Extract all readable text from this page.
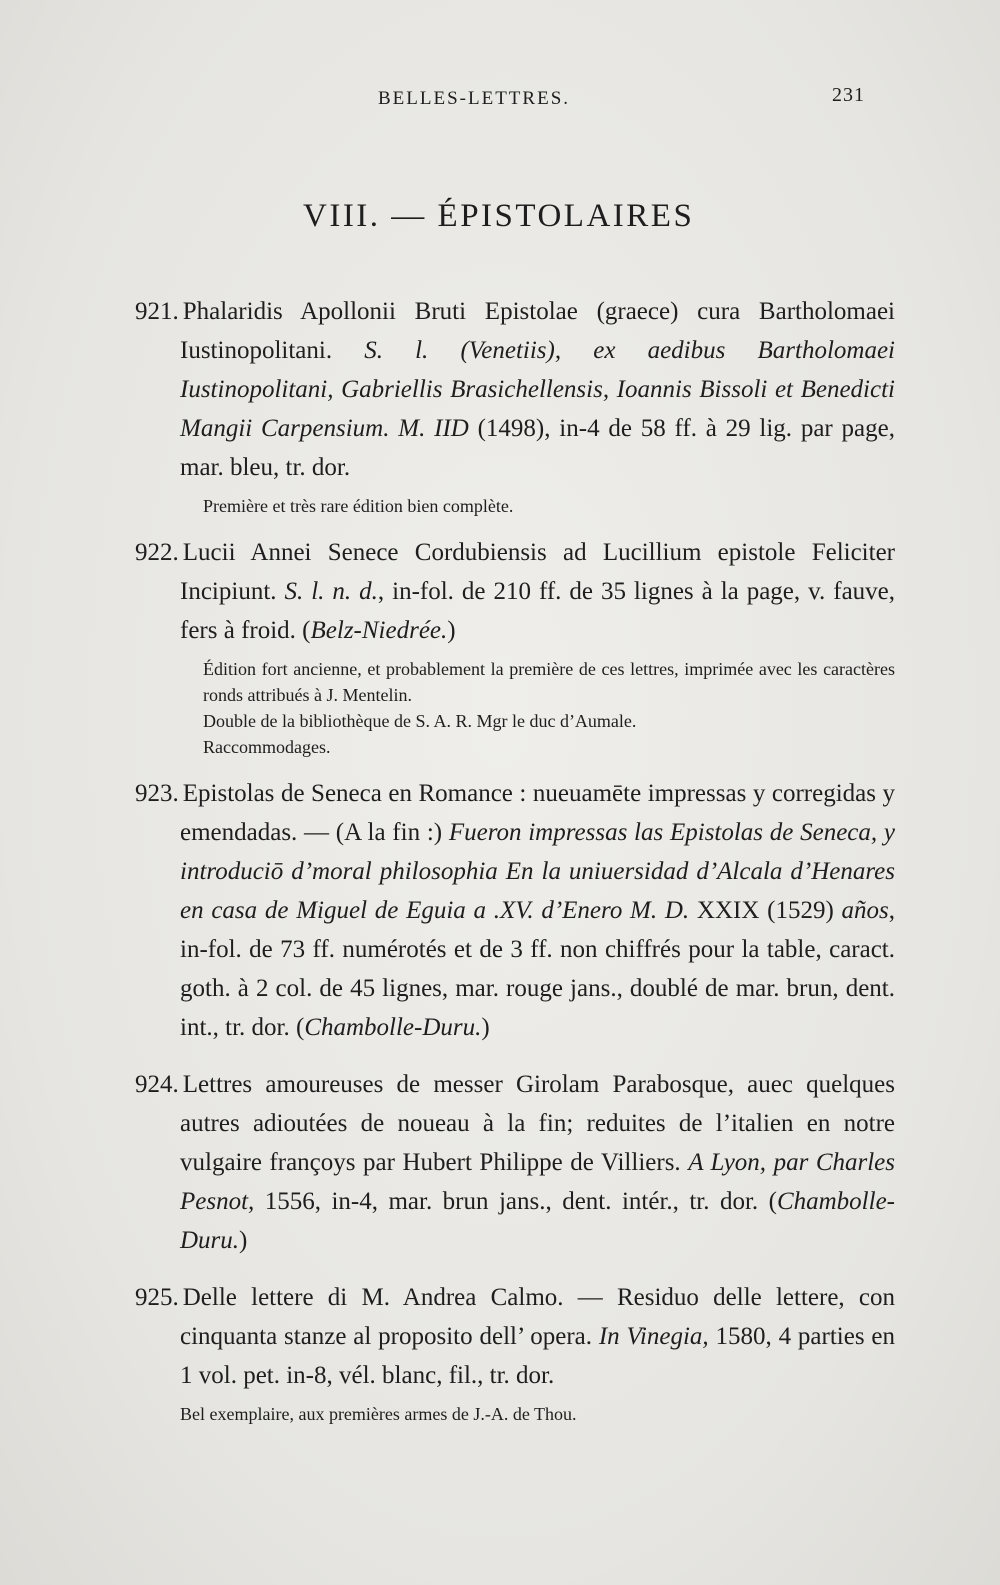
BELLES-LETTRES.	231
VIII. — ÉPISTOLAIRES
921. Phalaridis Apollonii Bruti Epistolae (graece) cura Bartholomaei Iustinopolitani. S. l. (Venetiis), ex aedibus Bartholomaei Iustinopolitani, Gabriellis Brasichellensis, Ioannis Bissoli et Benedicti Mangii Carpensium. M. IID (1498), in-4 de 58 ff. à 29 lig. par page, mar. bleu, tr. dor.
Première et très rare édition bien complète.
922. Lucii Annei Senece Cordubiensis ad Lucillium epistole Feliciter Incipiunt. S. l. n. d., in-fol. de 210 ff. de 35 lignes à la page, v. fauve, fers à froid. (Belz-Niedrée.)
Édition fort ancienne, et probablement la première de ces lettres, imprimée avec les caractères ronds attribués à J. Mentelin.
Double de la bibliothèque de S. A. R. Mgr le duc d’Aumale.
Raccommodages.
923. Epistolas de Seneca en Romance : nueuamēte impressas y corregidas y emendadas. — (A la fin :) Fueron impressas las Epistolas de Seneca, y introduciō d’moral philosophia En la uniuersidad d’Alcala d’Henares en casa de Miguel de Eguia a .XV. d’Enero M. D. XXIX (1529) años, in-fol. de 73 ff. numérotés et de 3 ff. non chiffrés pour la table, caract. goth. à 2 col. de 45 lignes, mar. rouge jans., doublé de mar. brun, dent. int., tr. dor. (Chambolle-Duru.)
924. Lettres amoureuses de messer Girolam Parabosque, auec quelques autres adioutées de noueau à la fin; reduites de l’italien en notre vulgaire françoys par Hubert Philippe de Villiers. A Lyon, par Charles Pesnot, 1556, in-4, mar. brun jans., dent. intér., tr. dor. (Chambolle-Duru.)
925. Delle lettere di M. Andrea Calmo. — Residuo delle lettere, con cinquanta stanze al proposito dell’ opera. In Vinegia, 1580, 4 parties en 1 vol. pet. in-8, vél. blanc, fil., tr. dor.
Bel exemplaire, aux premières armes de J.-A. de Thou.
